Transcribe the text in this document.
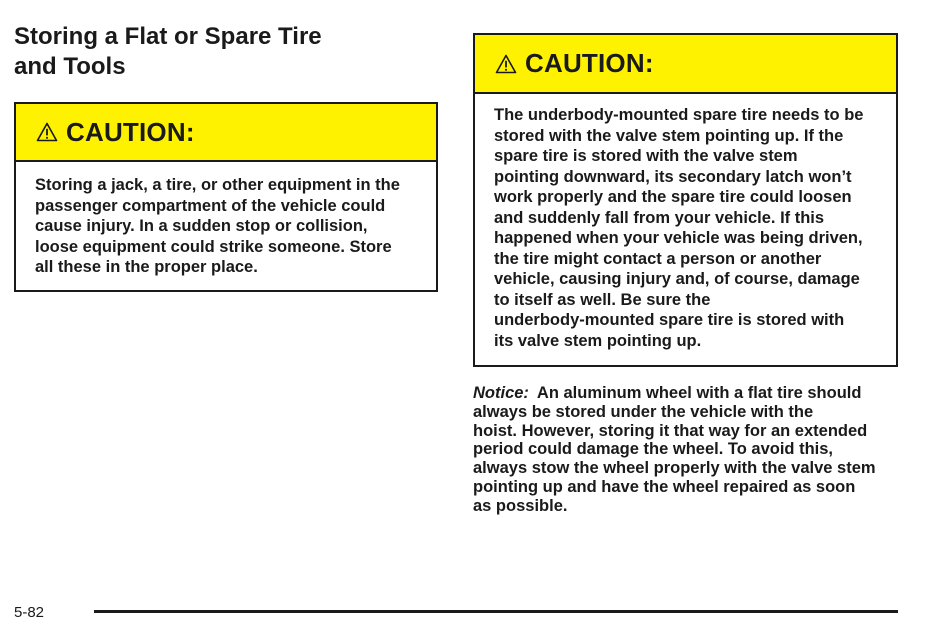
Storing a Flat or Spare Tire
and Tools
CAUTION:
Storing a jack, a tire, or other equipment in the
passenger compartment of the vehicle could
cause injury. In a sudden stop or collision,
loose equipment could strike someone. Store
all these in the proper place.
CAUTION:
The underbody-mounted spare tire needs to be
stored with the valve stem pointing up. If the
spare tire is stored with the valve stem
pointing downward, its secondary latch won’t
work properly and the spare tire could loosen
and suddenly fall from your vehicle. If this
happened when your vehicle was being driven,
the tire might contact a person or another
vehicle, causing injury and, of course, damage
to itself as well. Be sure the
underbody-mounted spare tire is stored with
its valve stem pointing up.

Notice: An aluminum wheel with a flat tire should
always be stored under the vehicle with the
hoist. However, storing it that way for an extended
period could damage the wheel. To avoid this,
always stow the wheel properly with the valve stem
pointing up and have the wheel repaired as soon
as possible.

5-82
